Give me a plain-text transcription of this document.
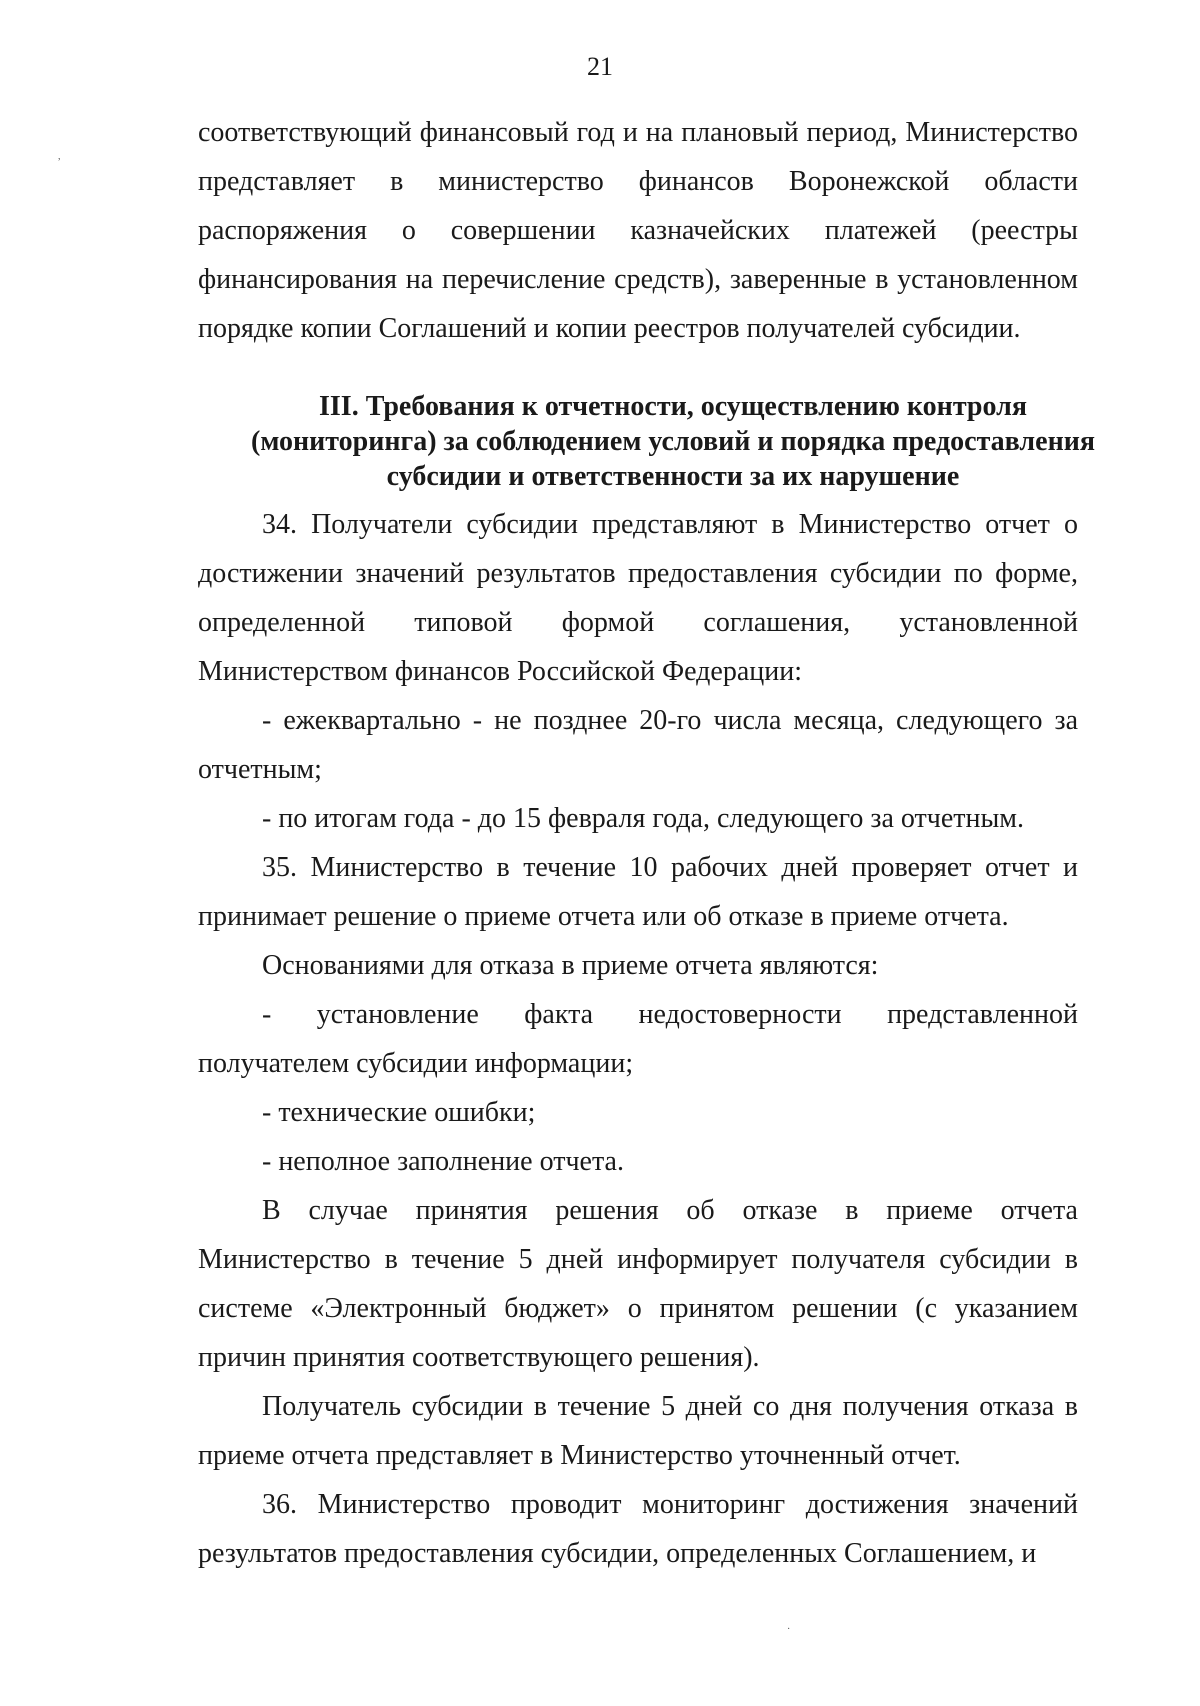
21

соответствующий финансовый год и на плановый период, Министерство представляет в министерство финансов Воронежской области распоряжения о совершении казначейских платежей (реестры финансирования на перечисление средств), заверенные в установленном порядке копии Соглашений и копии реестров получателей субсидии.

III. Требования к отчетности, осуществлению контроля
(мониторинга) за соблюдением условий и порядка предоставления
субсидии и ответственности за их нарушение

34. Получатели субсидии представляют в Министерство отчет о достижении значений результатов предоставления субсидии по форме, определенной типовой формой соглашения, установленной Министерством финансов Российской Федерации:

- ежеквартально - не позднее 20-го числа месяца, следующего за отчетным;

- по итогам года - до 15 февраля года, следующего за отчетным.

35. Министерство в течение 10 рабочих дней проверяет отчет и принимает решение о приеме отчета или об отказе в приеме отчета.

Основаниями для отказа в приеме отчета являются:

- установление факта недостоверности представленной получателем субсидии информации;

- технические ошибки;

- неполное заполнение отчета.

В случае принятия решения об отказе в приеме отчета Министерство в течение 5 дней информирует получателя субсидии в системе «Электронный бюджет» о принятом решении (с указанием причин принятия соответствующего решения).

Получатель субсидии в течение 5 дней со дня получения отказа в приеме отчета представляет в Министерство уточненный отчет.

36. Министерство проводит мониторинг достижения значений результатов предоставления субсидии, определенных Соглашением, и

,
·
